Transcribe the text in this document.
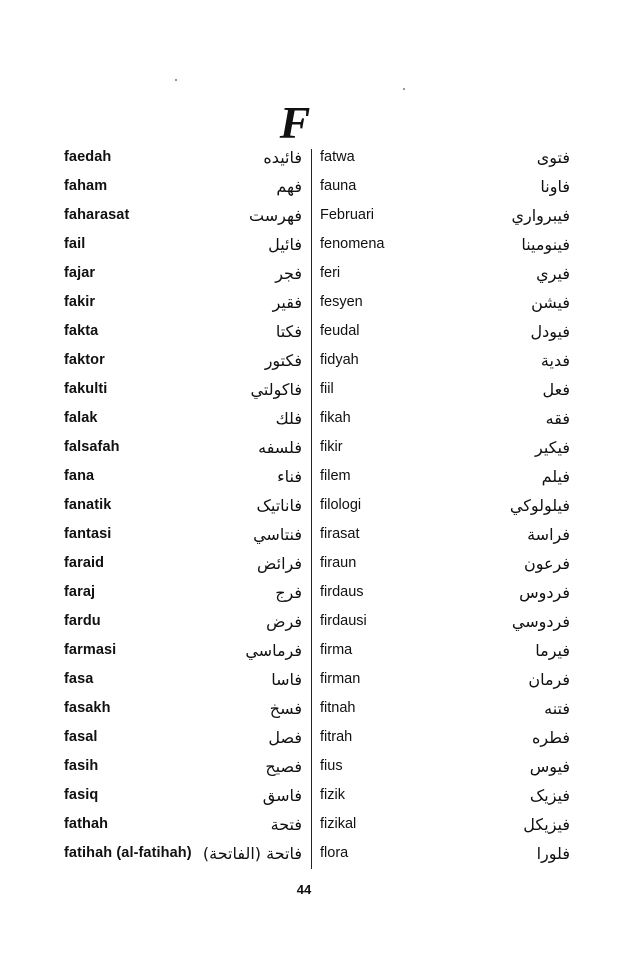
F
faedah	فائيده
faham	فهم
faharasat	فهرست
fail	فائيل
fajar	فجر
fakir	فقير
fakta	فكتا
faktor	فكتور
fakulti	فاكولتي
falak	فلك
falsafah	فلسفه
fana	فناء
fanatik	فاناتيک
fantasi	فنتاسي
faraid	فرائض
faraj	فرج
fardu	فرض
farmasi	فرماسي
fasa	فاسا
fasakh	فسخ
fasal	فصل
fasih	فصيح
fasiq	فاسق
fathah	فتحة
fatihah (al-fatihah) فاتحة (الفاتحة)
fatwa	فتوى
fauna	فاونا
Februari	فيبرواري
fenomena	فينومينا
feri	فيري
fesyen	فيشن
feudal	فيودل
fidyah	فدية
fiil	فعل
fikah	فقه
fikir	فيكير
filem	فيلم
filologi	فيلولوكي
firasat	فراسة
firaun	فرعون
firdaus	فردوس
firdausi	فردوسي
firma	فيرما
firman	فرمان
fitnah	فتنه
fitrah	فطره
fius	فيوس
fizik	فيزيک
fizikal	فيزيكل
flora	فلورا
44
